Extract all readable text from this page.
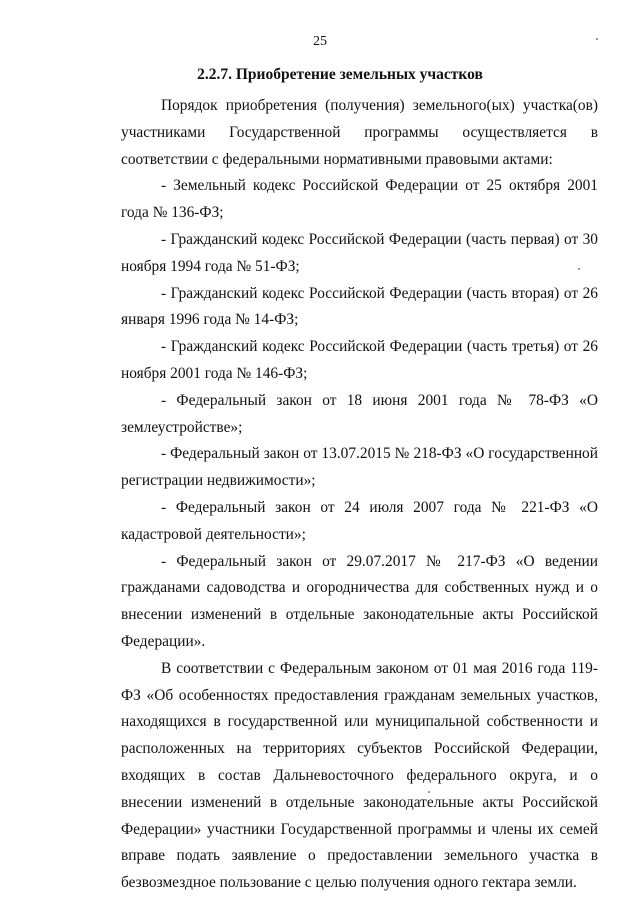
25
2.2.7. Приобретение земельных участков

Порядок приобретения (получения) земельного(ых) участка(ов) участниками Государственной программы осуществляется в соответствии с федеральными нормативными правовыми актами:

- Земельный кодекс Российской Федерации от 25 октября 2001 года № 136-ФЗ;

- Гражданский кодекс Российской Федерации (часть первая) от 30 ноября 1994 года № 51-ФЗ;

- Гражданский кодекс Российской Федерации (часть вторая) от 26 января 1996 года № 14-ФЗ;

- Гражданский кодекс Российской Федерации (часть третья) от 26 ноября 2001 года № 146-ФЗ;

- Федеральный закон от 18 июня 2001 года № 78-ФЗ «О землеустройстве»;

- Федеральный закон от 13.07.2015 № 218-ФЗ «О государственной регистрации недвижимости»;

- Федеральный закон от 24 июля 2007 года № 221-ФЗ «О кадастровой деятельности»;

- Федеральный закон от 29.07.2017 № 217-ФЗ «О ведении гражданами садоводства и огородничества для собственных нужд и о внесении изменений в отдельные законодательные акты Российской Федерации».

В соответствии с Федеральным законом от 01 мая 2016 года 119-ФЗ «Об особенностях предоставления гражданам земельных участков, находящихся в государственной или муниципальной собственности и расположенных на территориях субъектов Российской Федерации, входящих в состав Дальневосточного федерального округа, и о внесении изменений в отдельные законодательные акты Российской Федерации» участники Государственной программы и члены их семей вправе подать заявление о предоставлении земельного участка в безвозмездное пользование с целью получения одного гектара земли.
